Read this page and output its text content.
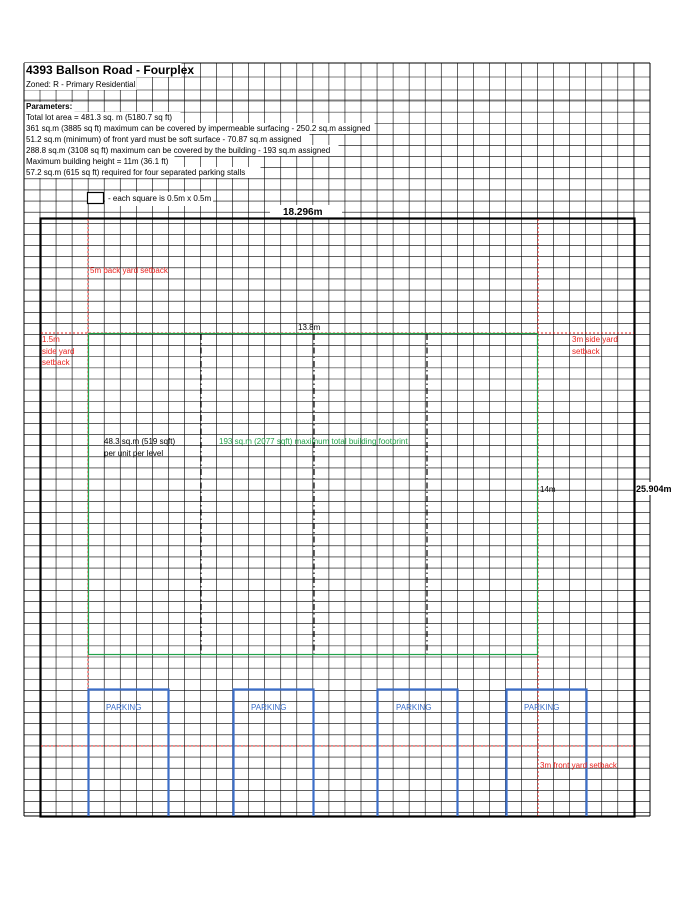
4393 Ballson Road - Fourplex
Zoned: R - Primary Residential
Parameters:
Total lot area = 481.3 sq. m (5180.7 sq ft)
361 sq.m (3885 sq ft) maximum can be covered by impermeable surfacing - 250.2 sq.m assigned
51.2 sq.m (minimum) of front yard must be soft surface - 70.87 sq.m assigned
288.8 sq.m (3108 sq ft) maximum can be covered by the building - 193 sq.m assigned
Maximum building height = 11m (36.1 ft)
57.2 sq.m (615 sq ft) required for four separated parking stalls
- each square is 0.5m x 0.5m
18.296m
25.904m
5m back yard setback
1.5m
side yard
setback
3m side yard
setback
3m front yard setback
13.8m
14m
48.3 sq.m (519 sqft)
per unit per level
193 sq.m (2077 sqft) maximum total building footprint
PARKING	PARKING	PARKING	PARKING
